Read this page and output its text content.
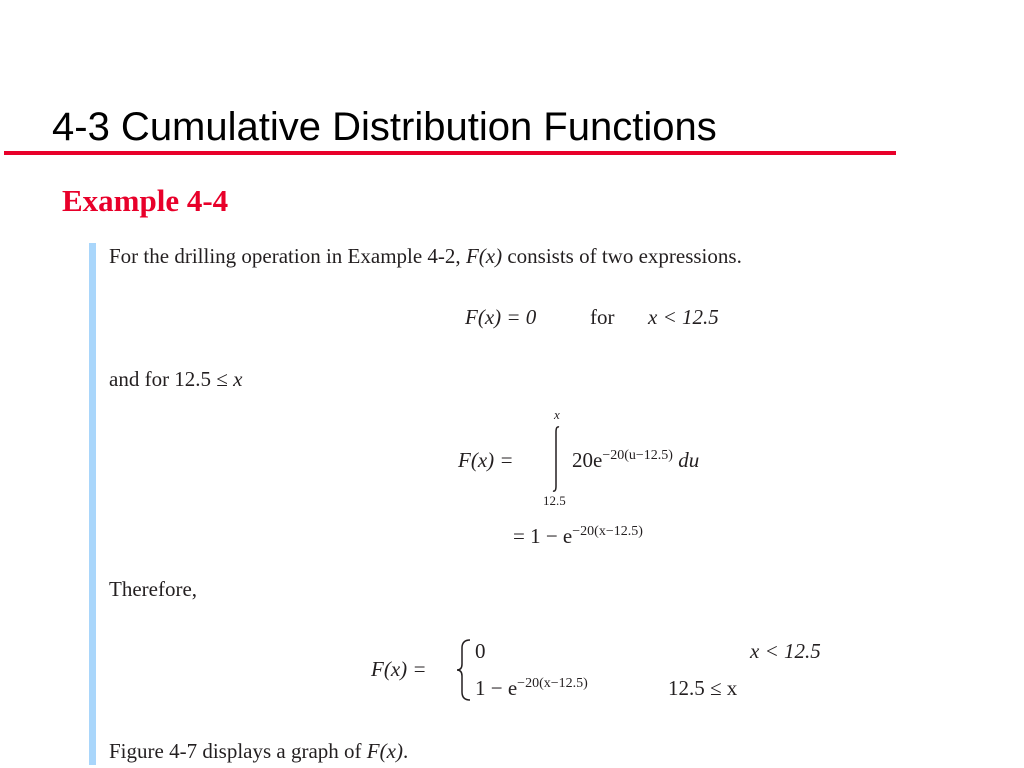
4-3 Cumulative Distribution Functions
Example 4-4
For the drilling operation in Example 4-2, F(x) consists of two expressions.
F(x) = 0	for x < 12.5
and for 12.5 ≤ x
F(x) =
x
12.5
$20e^{-20(u-12.5)}$ du
= $1 - e^{-20(x-12.5)}$
Therefore,
F(x) =
0	x < 12.5
$1 - e^{-20(x-12.5)}$	12.5 ≤ x
Figure 4-7 displays a graph of F(x).
